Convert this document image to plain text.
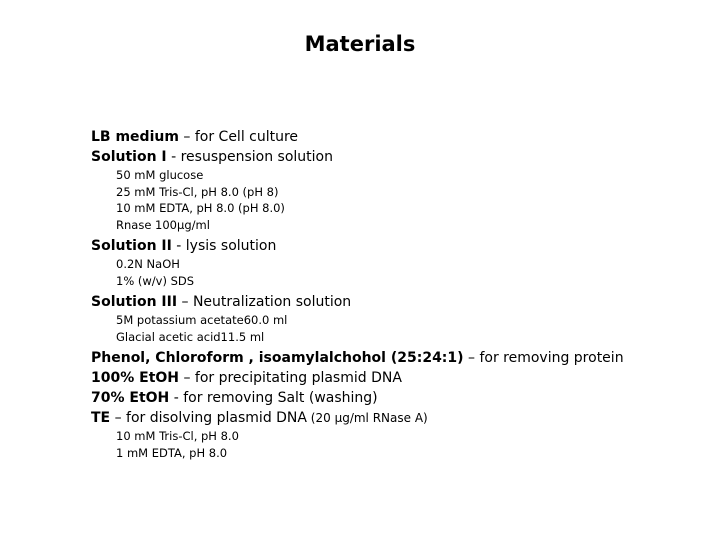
Materials
LB medium – for Cell culture
Solution I - resuspension solution
50 mM glucose
25 mM Tris-Cl, pH 8.0 (pH 8)
10 mM EDTA, pH 8.0 (pH 8.0)
Rnase 100μg/ml
Solution II - lysis solution
0.2N NaOH
1% (w/v) SDS
Solution III – Neutralization solution
5M potassium acetate60.0 ml
Glacial acetic acid11.5 ml
Phenol, Chloroform , isoamylalchohol (25:24:1) – for removing protein
100% EtOH – for precipitating plasmid DNA
70% EtOH - for removing Salt (washing)
TE – for disolving plasmid DNA (20 μg/ml RNase A)
10 mM Tris-Cl, pH 8.0
1 mM EDTA, pH 8.0
